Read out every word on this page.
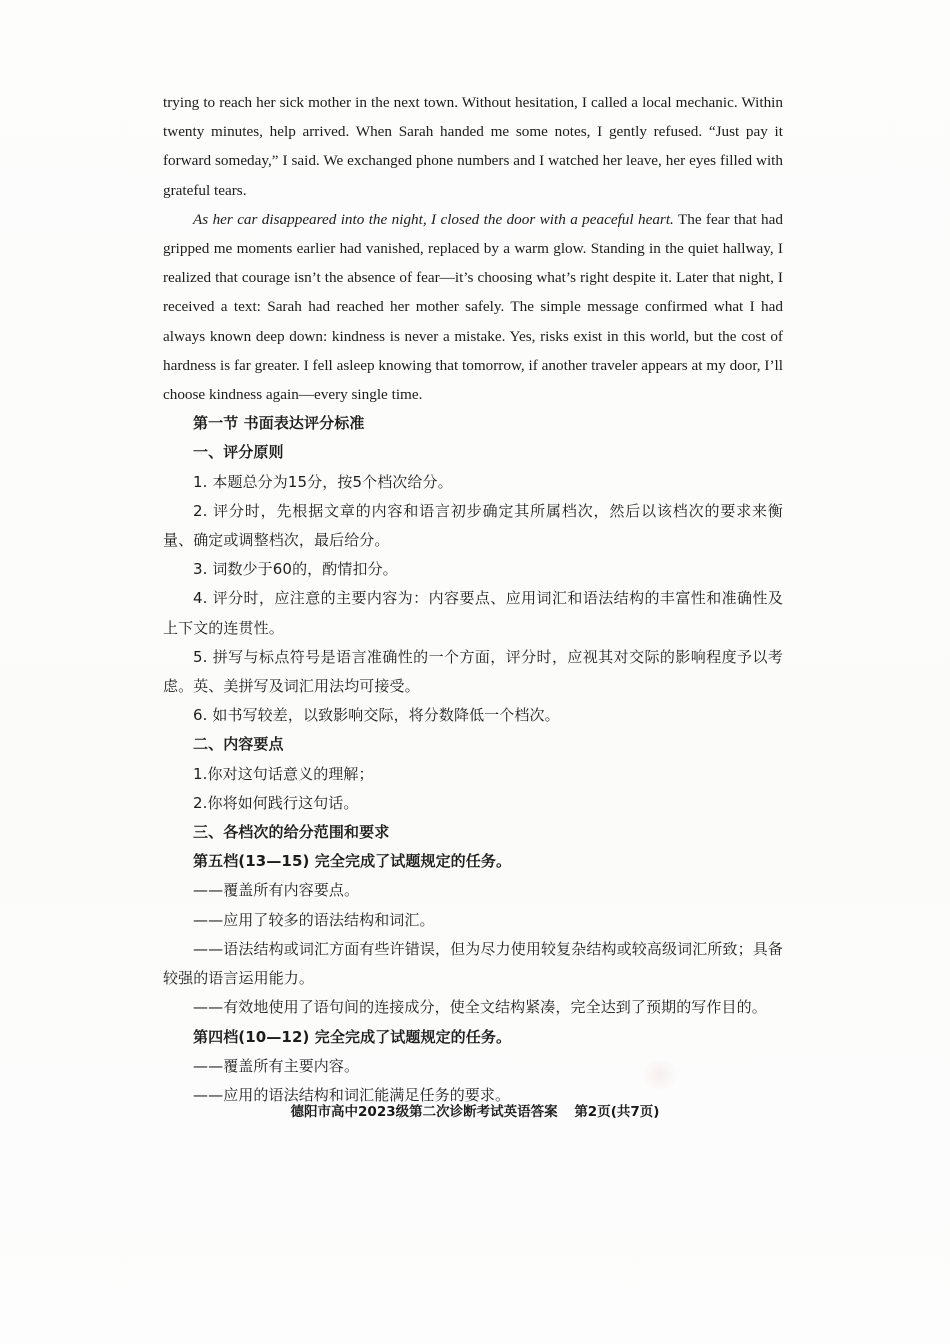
trying to reach her sick mother in the next town. Without hesitation, I called a local mechanic. Within twenty minutes, help arrived. When Sarah handed me some notes, I gently refused. “Just pay it forward someday,” I said. We exchanged phone numbers and I watched her leave, her eyes filled with grateful tears.

As her car disappeared into the night, I closed the door with a peaceful heart. The fear that had gripped me moments earlier had vanished, replaced by a warm glow. Standing in the quiet hallway, I realized that courage isn’t the absence of fear—it’s choosing what’s right despite it. Later that night, I received a text: Sarah had reached her mother safely. The simple message confirmed what I had always known deep down: kindness is never a mistake. Yes, risks exist in this world, but the cost of hardness is far greater. I fell asleep knowing that tomorrow, if another traveler appears at my door, I’ll choose kindness again—every single time.

第一节 书面表达评分标准

一、评分原则

1. 本题总分为15分，按5个档次给分。

2. 评分时，先根据文章的内容和语言初步确定其所属档次，然后以该档次的要求来衡量、确定或调整档次，最后给分。

3. 词数少于60的，酌情扣分。

4. 评分时，应注意的主要内容为：内容要点、应用词汇和语法结构的丰富性和准确性及上下文的连贯性。

5. 拼写与标点符号是语言准确性的一个方面，评分时，应视其对交际的影响程度予以考虑。英、美拼写及词汇用法均可接受。

6. 如书写较差，以致影响交际，将分数降低一个档次。

二、内容要点

1.你对这句话意义的理解；

2.你将如何践行这句话。

三、各档次的给分范围和要求

第五档(13—15) 完全完成了试题规定的任务。

——覆盖所有内容要点。

——应用了较多的语法结构和词汇。

——语法结构或词汇方面有些许错误，但为尽力使用较复杂结构或较高级词汇所致；具备较强的语言运用能力。

——有效地使用了语句间的连接成分，使全文结构紧凑，完全达到了预期的写作目的。

第四档(10—12) 完全完成了试题规定的任务。

——覆盖所有主要内容。

——应用的语法结构和词汇能满足任务的要求。

德阳市高中2023级第二次诊断考试英语答案 第2页(共7页)
